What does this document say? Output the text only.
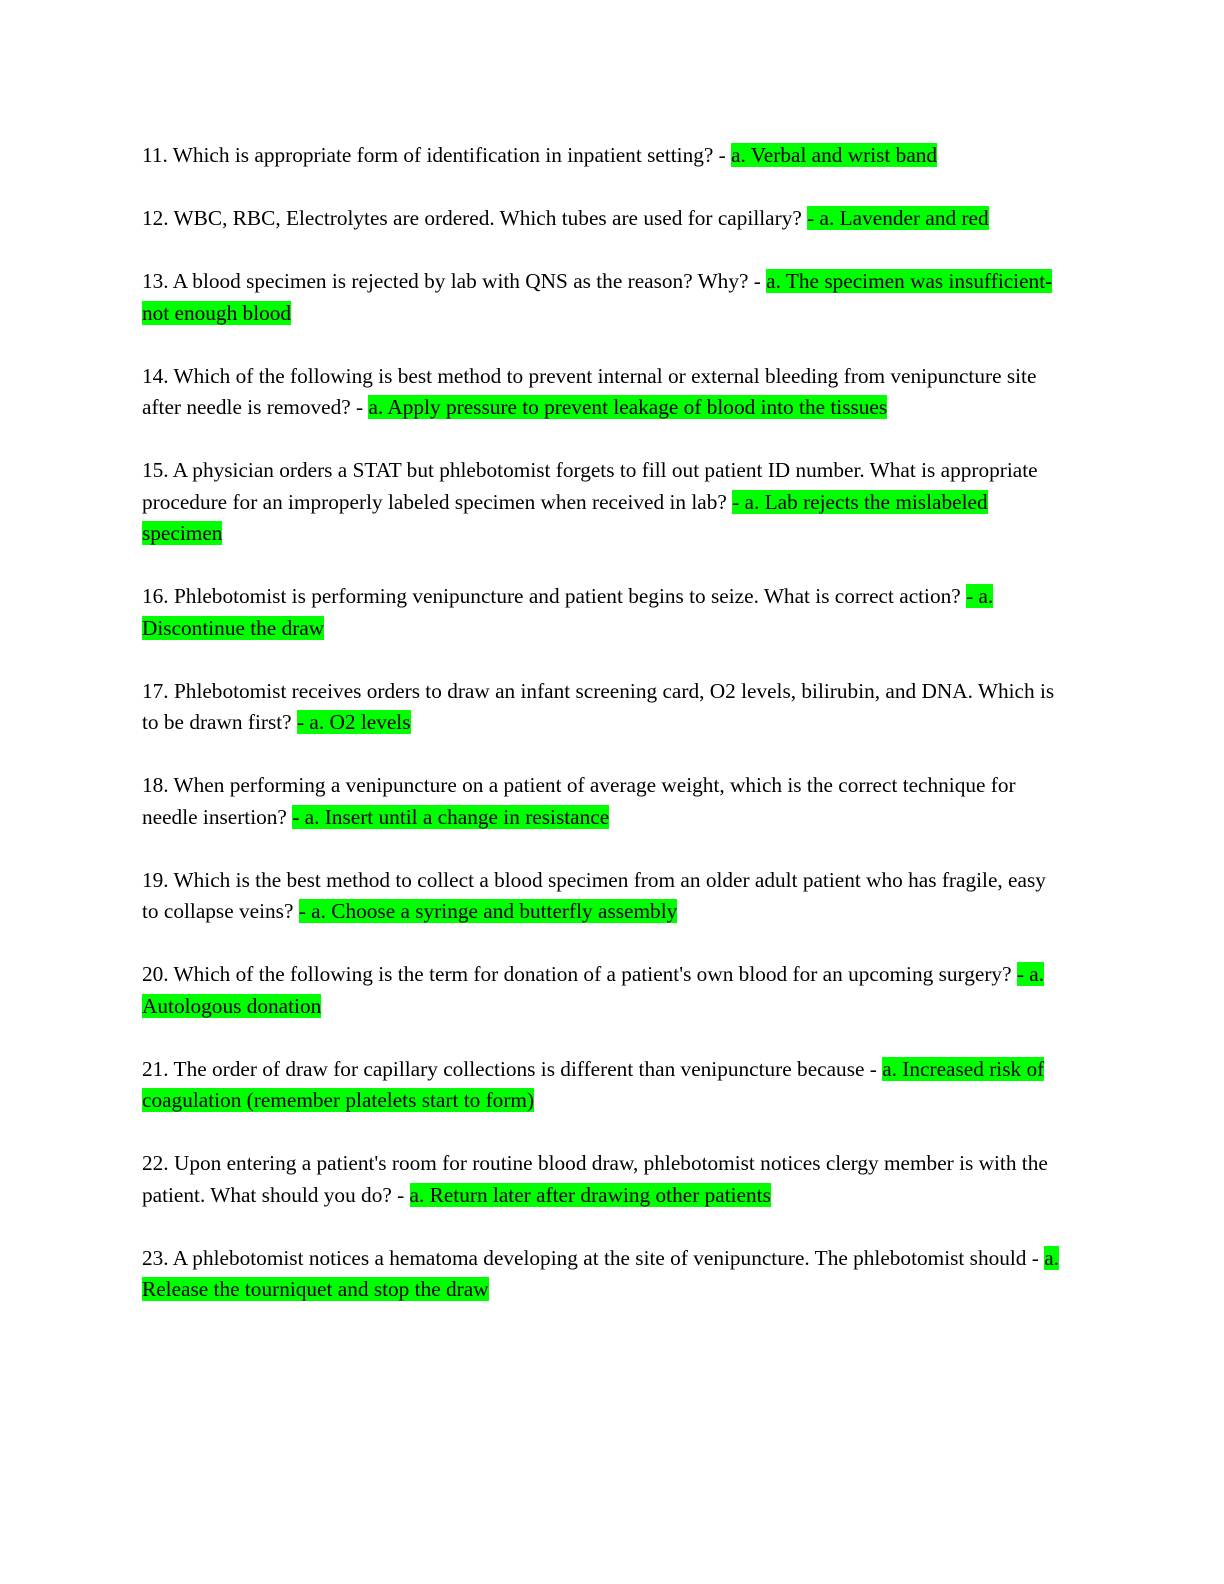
11. Which is appropriate form of identification in inpatient setting? - a. Verbal and wrist band

12. WBC, RBC, Electrolytes are ordered. Which tubes are used for capillary? - a. Lavender and red

13. A blood specimen is rejected by lab with QNS as the reason? Why? - a. The specimen was insufficient-not enough blood

14. Which of the following is best method to prevent internal or external bleeding from venipuncture site after needle is removed? - a. Apply pressure to prevent leakage of blood into the tissues

15. A physician orders a STAT but phlebotomist forgets to fill out patient ID number. What is appropriate procedure for an improperly labeled specimen when received in lab? - a. Lab rejects the mislabeled specimen

16. Phlebotomist is performing venipuncture and patient begins to seize. What is correct action? - a. Discontinue the draw

17. Phlebotomist receives orders to draw an infant screening card, O2 levels, bilirubin, and DNA. Which is to be drawn first? - a. O2 levels

18. When performing a venipuncture on a patient of average weight, which is the correct technique for needle insertion? - a. Insert until a change in resistance

19. Which is the best method to collect a blood specimen from an older adult patient who has fragile, easy to collapse veins? - a. Choose a syringe and butterfly assembly

20. Which of the following is the term for donation of a patient's own blood for an upcoming surgery? - a. Autologous donation

21. The order of draw for capillary collections is different than venipuncture because - a. Increased risk of coagulation (remember platelets start to form)

22. Upon entering a patient's room for routine blood draw, phlebotomist notices clergy member is with the patient. What should you do? - a. Return later after drawing other patients

23. A phlebotomist notices a hematoma developing at the site of venipuncture. The phlebotomist should - a. Release the tourniquet and stop the draw
